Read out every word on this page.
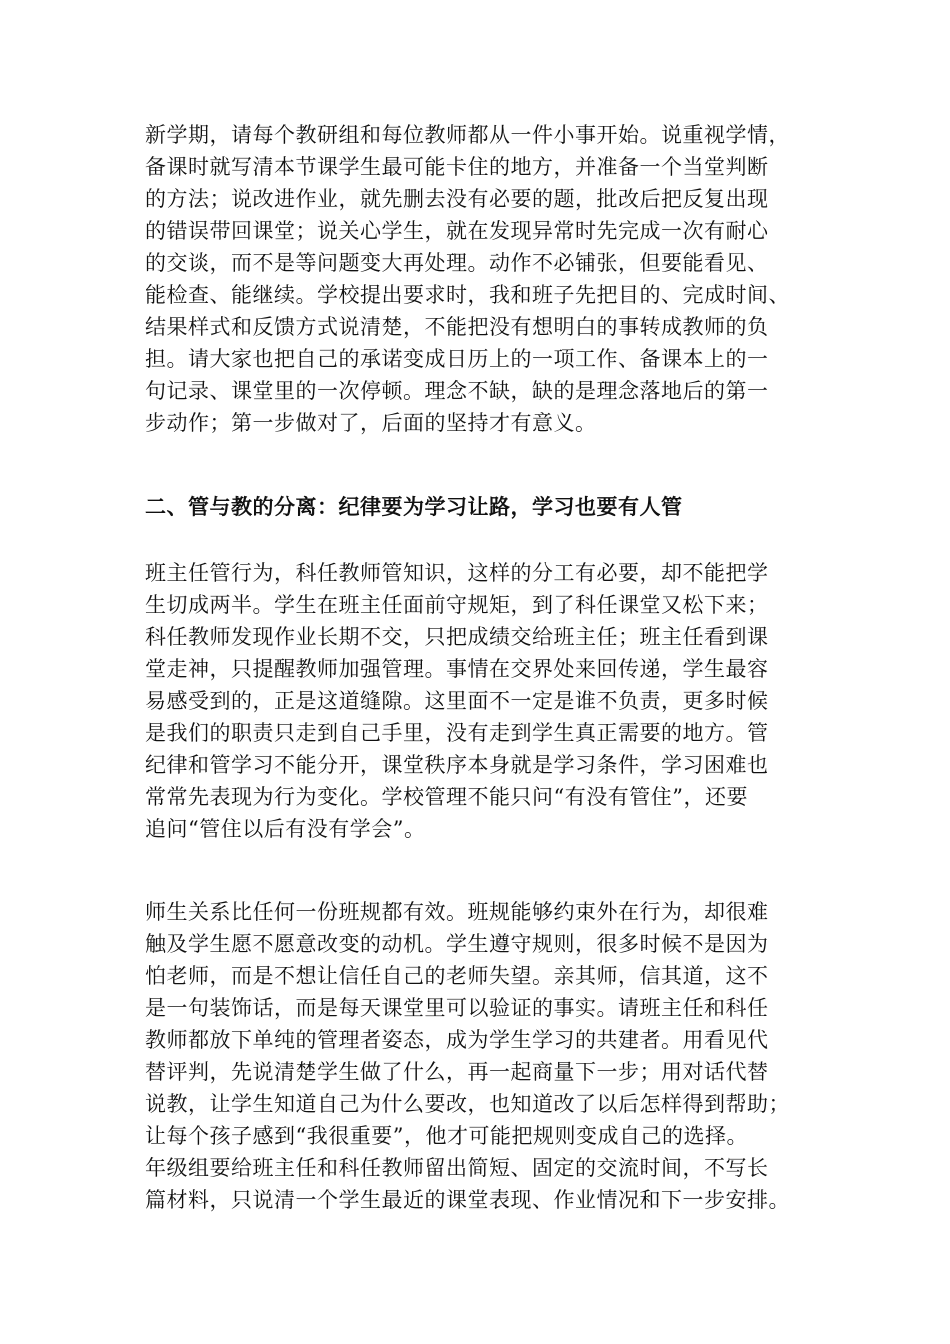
新学期，请每个教研组和每位教师都从一件小事开始。说重视学情，
备课时就写清本节课学生最可能卡住的地方，并准备一个当堂判断
的方法；说改进作业，就先删去没有必要的题，批改后把反复出现
的错误带回课堂；说关心学生，就在发现异常时先完成一次有耐心
的交谈，而不是等问题变大再处理。动作不必铺张，但要能看见、
能检查、能继续。学校提出要求时，我和班子先把目的、完成时间、
结果样式和反馈方式说清楚，不能把没有想明白的事转成教师的负
担。请大家也把自己的承诺变成日历上的一项工作、备课本上的一
句记录、课堂里的一次停顿。理念不缺，缺的是理念落地后的第一
步动作；第一步做对了，后面的坚持才有意义。
二、管与教的分离：纪律要为学习让路，学习也要有人管
班主任管行为，科任教师管知识，这样的分工有必要，却不能把学
生切成两半。学生在班主任面前守规矩，到了科任课堂又松下来；
科任教师发现作业长期不交，只把成绩交给班主任；班主任看到课
堂走神，只提醒教师加强管理。事情在交界处来回传递，学生最容
易感受到的，正是这道缝隙。这里面不一定是谁不负责，更多时候
是我们的职责只走到自己手里，没有走到学生真正需要的地方。管
纪律和管学习不能分开，课堂秩序本身就是学习条件，学习困难也
常常先表现为行为变化。学校管理不能只问“有没有管住”，还要
追问“管住以后有没有学会”。
师生关系比任何一份班规都有效。班规能够约束外在行为，却很难
触及学生愿不愿意改变的动机。学生遵守规则，很多时候不是因为
怕老师，而是不想让信任自己的老师失望。亲其师，信其道，这不
是一句装饰话，而是每天课堂里可以验证的事实。请班主任和科任
教师都放下单纯的管理者姿态，成为学生学习的共建者。用看见代
替评判，先说清楚学生做了什么，再一起商量下一步；用对话代替
说教，让学生知道自己为什么要改，也知道改了以后怎样得到帮助；
让每个孩子感到“我很重要”，他才可能把规则变成自己的选择。
年级组要给班主任和科任教师留出简短、固定的交流时间，不写长
篇材料，只说清一个学生最近的课堂表现、作业情况和下一步安排。
